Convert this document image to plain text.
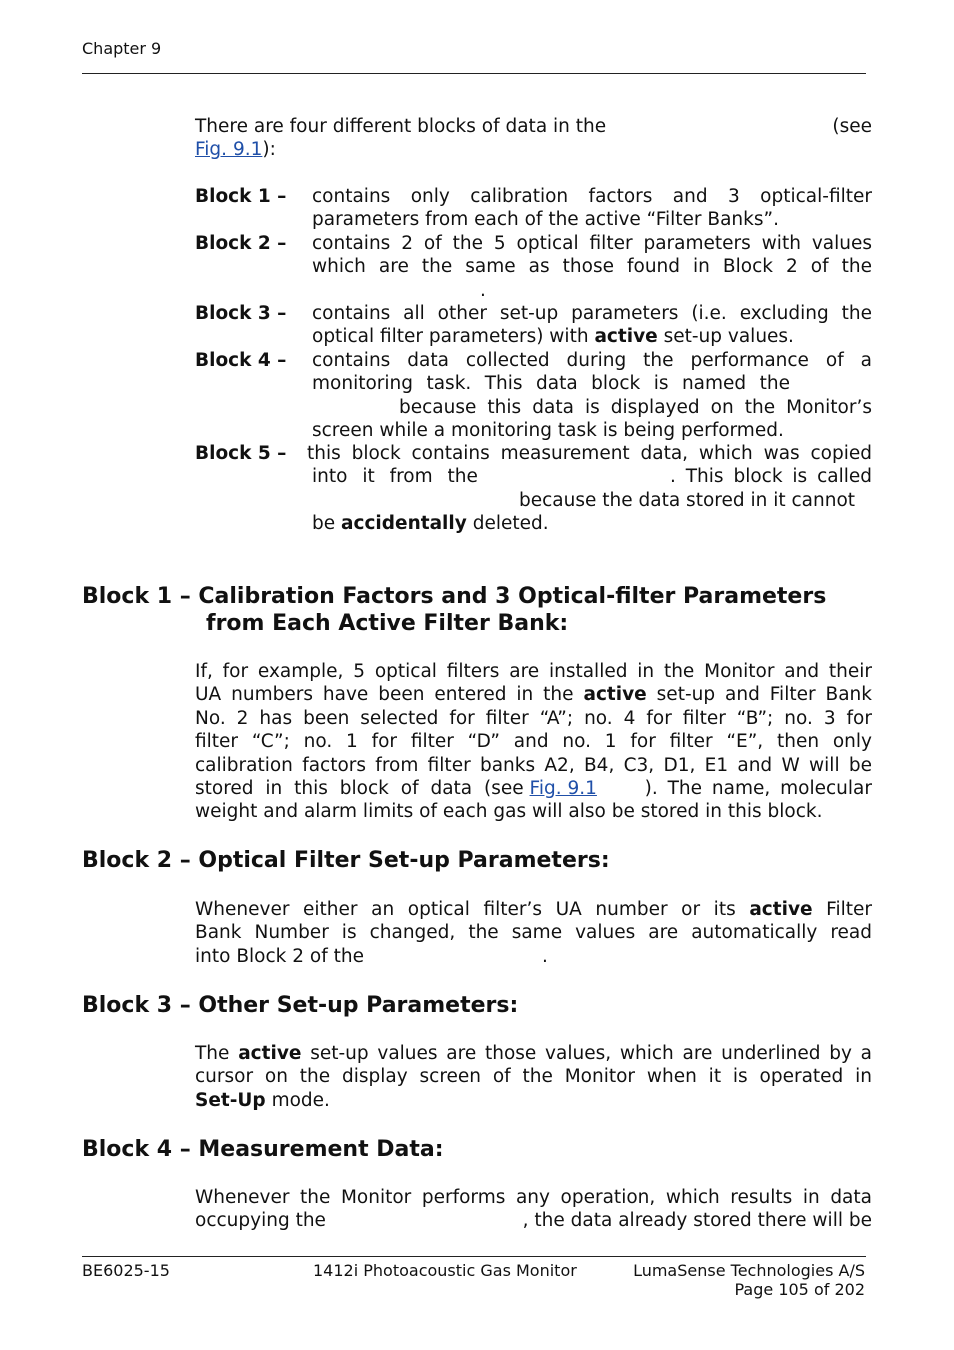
Chapter 9
There are four different blocks of data in the	(see
Fig. 9.1):
Block 1 – contains only calibration factors and 3 optical-filter
parameters from each of the active “Filter Banks”.
Block 2 – contains 2 of the 5 optical filter parameters with values
which are the same as those found in Block 2 of the
.
Block 3 – contains all other set-up parameters (i.e. excluding the
optical filter parameters) with active set-up values.
Block 4 – contains data collected during the performance of a
monitoring task. This data block is named the
because this data is displayed on the Monitor’s
screen while a monitoring task is being performed.
Block 5 – this block contains measurement data, which was copied
into it from the	. This block is called
because the data stored in it cannot
be accidentally deleted.
Block 1 – Calibration Factors and 3 Optical-filter Parameters
from Each Active Filter Bank:
If, for example, 5 optical filters are installed in the Monitor and their
UA numbers have been entered in the active set-up and Filter Bank
No. 2 has been selected for filter “A”; no. 4 for filter “B”; no. 3 for
filter “C”; no. 1 for filter “D” and no. 1 for filter “E”, then only
calibration factors from filter banks A2, B4, C3, D1, E1 and W will be
stored in this block of data (see Fig. 9.1	). The name, molecular
weight and alarm limits of each gas will also be stored in this block.
Block 2 – Optical Filter Set-up Parameters:
Whenever either an optical filter’s UA number or its active Filter
Bank Number is changed, the same values are automatically read
into Block 2 of the	.
Block 3 – Other Set-up Parameters:
The active set-up values are those values, which are underlined by a
cursor on the display screen of the Monitor when it is operated in
Set-Up mode.
Block 4 – Measurement Data:
Whenever the Monitor performs any operation, which results in data
occupying the	, the data already stored there will be
BE6025-15	1412i Photoacoustic Gas Monitor	LumaSense Technologies A/S
Page 105 of 202
